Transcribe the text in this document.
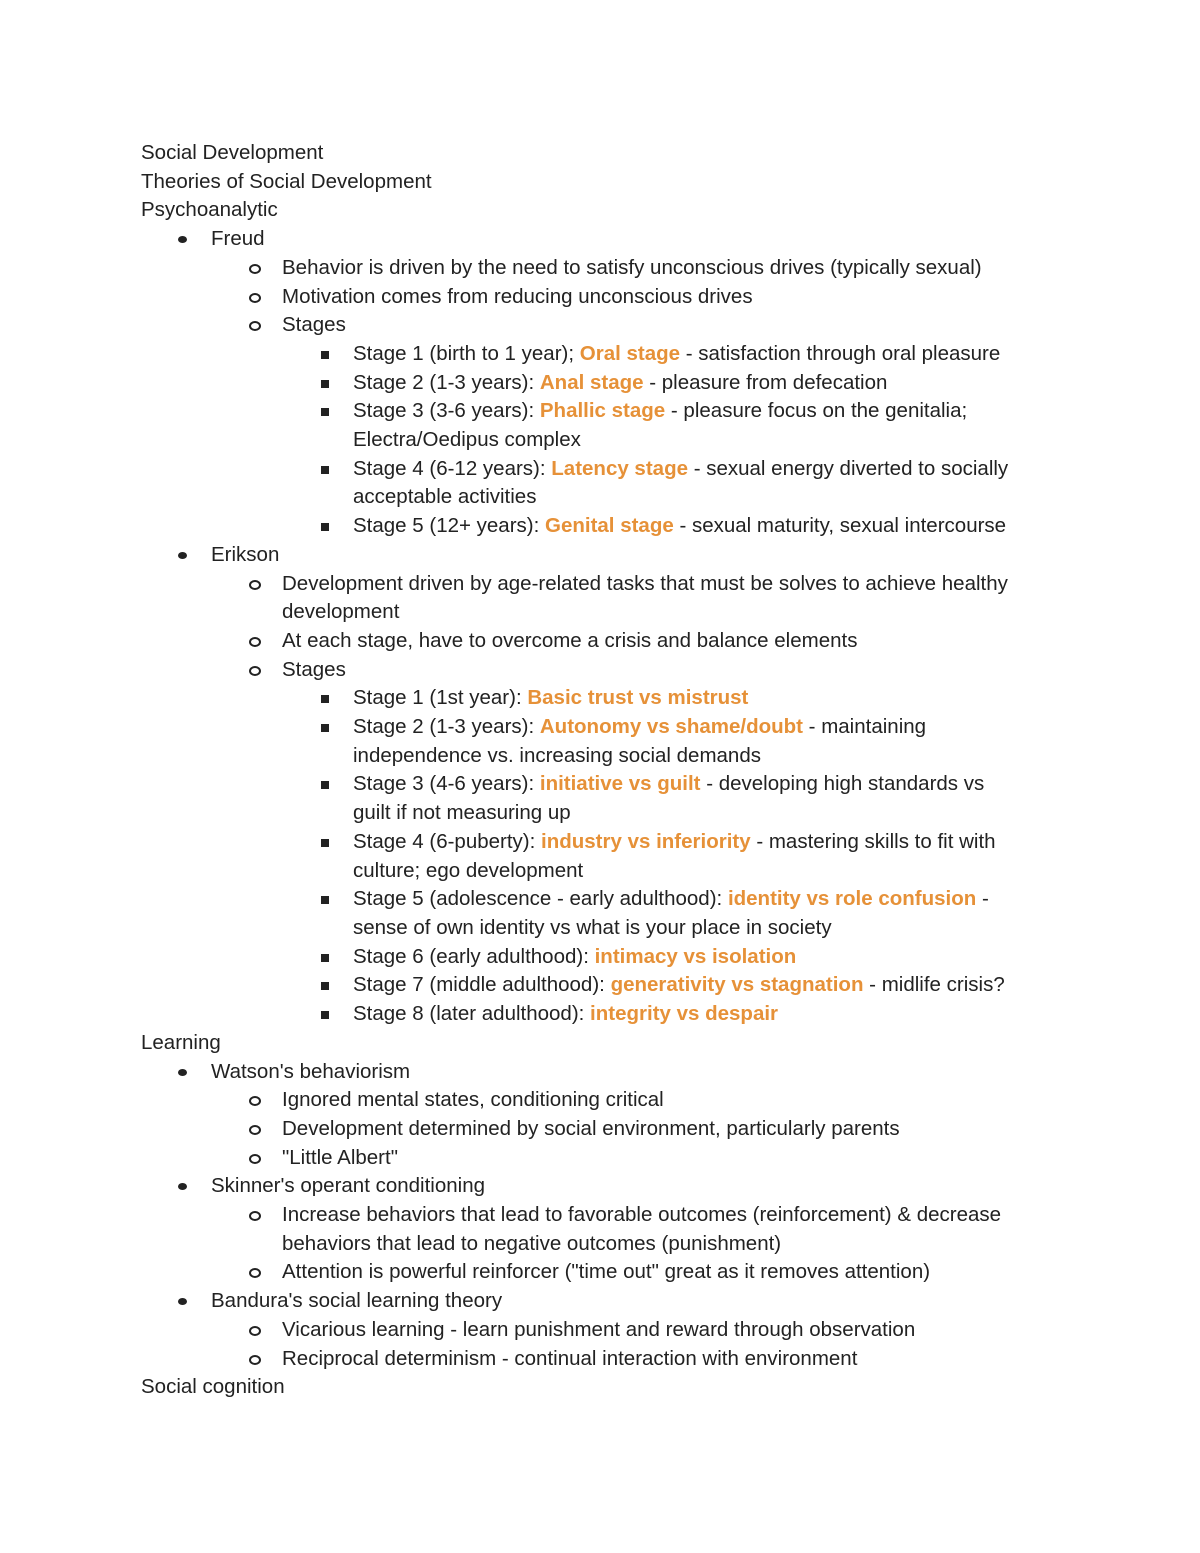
Social Development
Theories of Social Development
Psychoanalytic
Freud
Behavior is driven by the need to satisfy unconscious drives (typically sexual)
Motivation comes from reducing unconscious drives
Stages
Stage 1 (birth to 1 year); Oral stage - satisfaction through oral pleasure
Stage 2 (1-3 years): Anal stage - pleasure from defecation
Stage 3 (3-6 years): Phallic stage - pleasure focus on the genitalia;
Electra/Oedipus complex
Stage 4 (6-12 years): Latency stage - sexual energy diverted to socially
acceptable activities
Stage 5 (12+ years): Genital stage - sexual maturity, sexual intercourse
Erikson
Development driven by age-related tasks that must be solves to achieve healthy
development
At each stage, have to overcome a crisis and balance elements
Stages
Stage 1 (1st year): Basic trust vs mistrust
Stage 2 (1-3 years): Autonomy vs shame/doubt - maintaining
independence vs. increasing social demands
Stage 3 (4-6 years): initiative vs guilt - developing high standards vs
guilt if not measuring up
Stage 4 (6-puberty): industry vs inferiority - mastering skills to fit with
culture; ego development
Stage 5 (adolescence - early adulthood): identity vs role confusion -
sense of own identity vs what is your place in society
Stage 6 (early adulthood): intimacy vs isolation
Stage 7 (middle adulthood): generativity vs stagnation - midlife crisis?
Stage 8 (later adulthood): integrity vs despair
Learning
Watson's behaviorism
Ignored mental states, conditioning critical
Development determined by social environment, particularly parents
"Little Albert"
Skinner's operant conditioning
Increase behaviors that lead to favorable outcomes (reinforcement) & decrease
behaviors that lead to negative outcomes (punishment)
Attention is powerful reinforcer ("time out" great as it removes attention)
Bandura's social learning theory
Vicarious learning - learn punishment and reward through observation
Reciprocal determinism - continual interaction with environment
Social cognition
